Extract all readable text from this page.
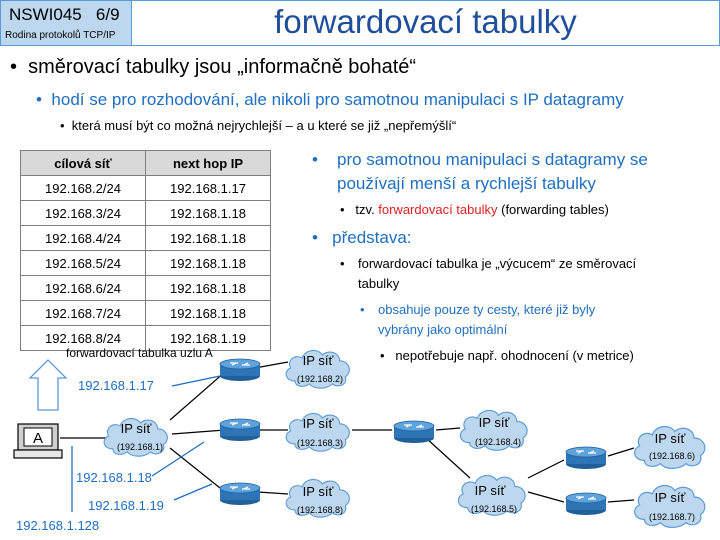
NSWI045 6/9
Rodina protokolů TCP/IP	forwardovací tabulky
•  směrovací tabulky jsou „informačně bohaté“
•  hodí se pro rozhodování, ale nikoli pro samotnou manipulaci s IP datagramy
•  která musí být co možná nejrychlejší – a u které se již „nepřemýšlí“
cílová síť	next hop IP
192.168.2/24	192.168.1.17
192.168.3/24	192.168.1.18
192.168.4/24	192.168.1.18
192.168.5/24	192.168.1.18
192.168.6/24	192.168.1.18
192.168.7/24	192.168.1.18
192.168.8/24	192.168.1.19
forwardovací tabulka uzlu A
• pro samotnou manipulaci s datagramy se
používají menší a rychlejší tabulky
•   tzv. forwardovací tabulky (forwarding tables)
•   představa:
• forwardovací tabulka je „výcucem“ ze směrovací
tabulky
• obsahuje pouze ty cesty, které již byly
vybrány jako optimální
•   nepotřebuje např. ohodnocení (v metrice)
A
IP síť
(192.168.1)
IP síť
(192.168.2)
IP síť
(192.168.3)
IP síť
(192.168.4)
IP síť
(192.168.5)
IP síť
(192.168.6)
IP síť
(192.168.7)
IP síť
(192.168.8)
192.168.1.17
192.168.1.18
192.168.1.19
192.168.1.128
